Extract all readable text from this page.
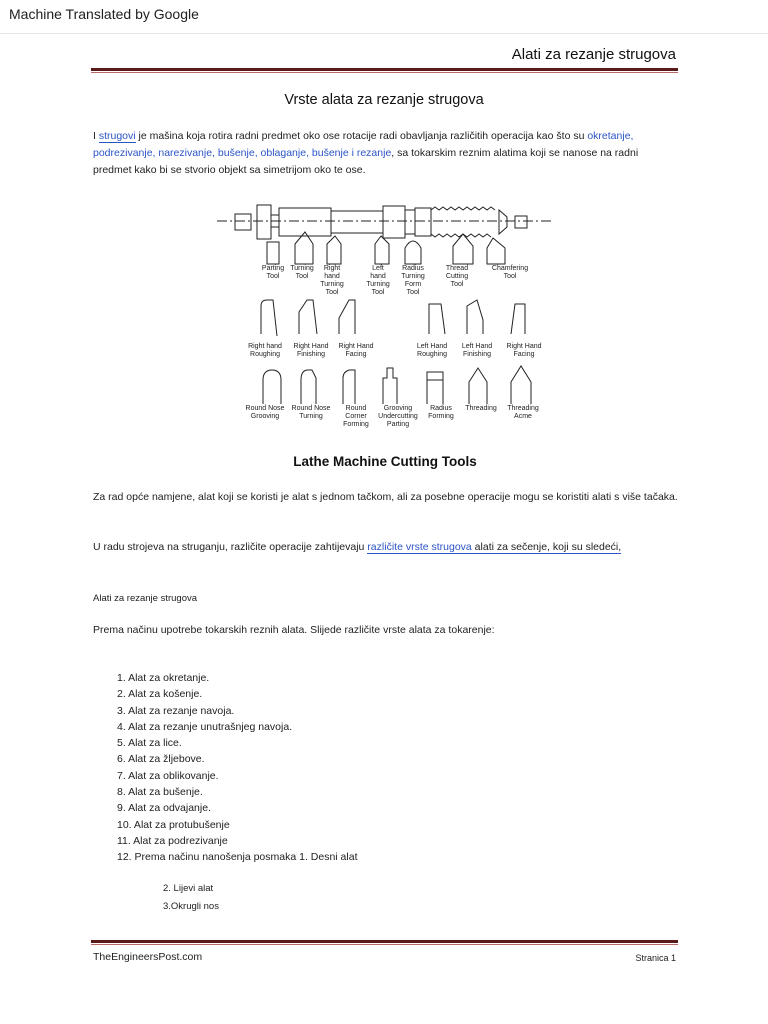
Machine Translated by Google
Alati za rezanje strugova
Vrste alata za rezanje strugova
I strugovi je mašina koja rotira radni predmet oko ose rotacije radi obavljanja različitih operacija kao što su okretanje, podrezivanje, narezivanje, bušenje, oblaganje, bušenje i rezanje, sa tokarskim reznim alatima koji se nanose na radni predmet kako bi se stvorio objekt sa simetrijom oko te ose.
Parting
Tool
Turning
Tool
Right
hand
Turning
Tool
Left
hand
Turning
Tool
Radius
Turning
Form
Tool
Thread
Cutting
Tool
Chamfering
Tool
Right hand
Roughing
Right Hand
Finishing
Right Hand
Facing
Left Hand
Roughing
Left Hand
Finishing
Right Hand
Facing
Round Nose
Grooving
Round Nose
Turning
Round
Corner
Forming
Grooving
Undercutting
Parting
Radius
Forming
Threading Threading
Acme
Lathe Machine Cutting Tools
Za rad opće namjene, alat koji se koristi je alat s jednom tačkom, ali za posebne operacije mogu se koristiti alati s više tačaka.
U radu strojeva na struganju, različite operacije zahtijevaju različite vrste strugova alati za sečenje, koji su sledeći,
Alati za rezanje strugova
Prema načinu upotrebe tokarskih reznih alata. Slijede različite vrste alata za tokarenje:
1. Alat za okretanje.
2. Alat za košenje.
3. Alat za rezanje navoja.
4. Alat za rezanje unutrašnjeg navoja.
5. Alat za lice.
6. Alat za žljebove.
7. Alat za oblikovanje.
8. Alat za bušenje.
9. Alat za odvajanje.
10. Alat za protubušenje
11. Alat za podrezivanje
12. Prema načinu nanošenja posmaka 1. Desni alat
2. Lijevi alat
3.Okrugli nos
TheEngineersPost.com	Stranica 1
